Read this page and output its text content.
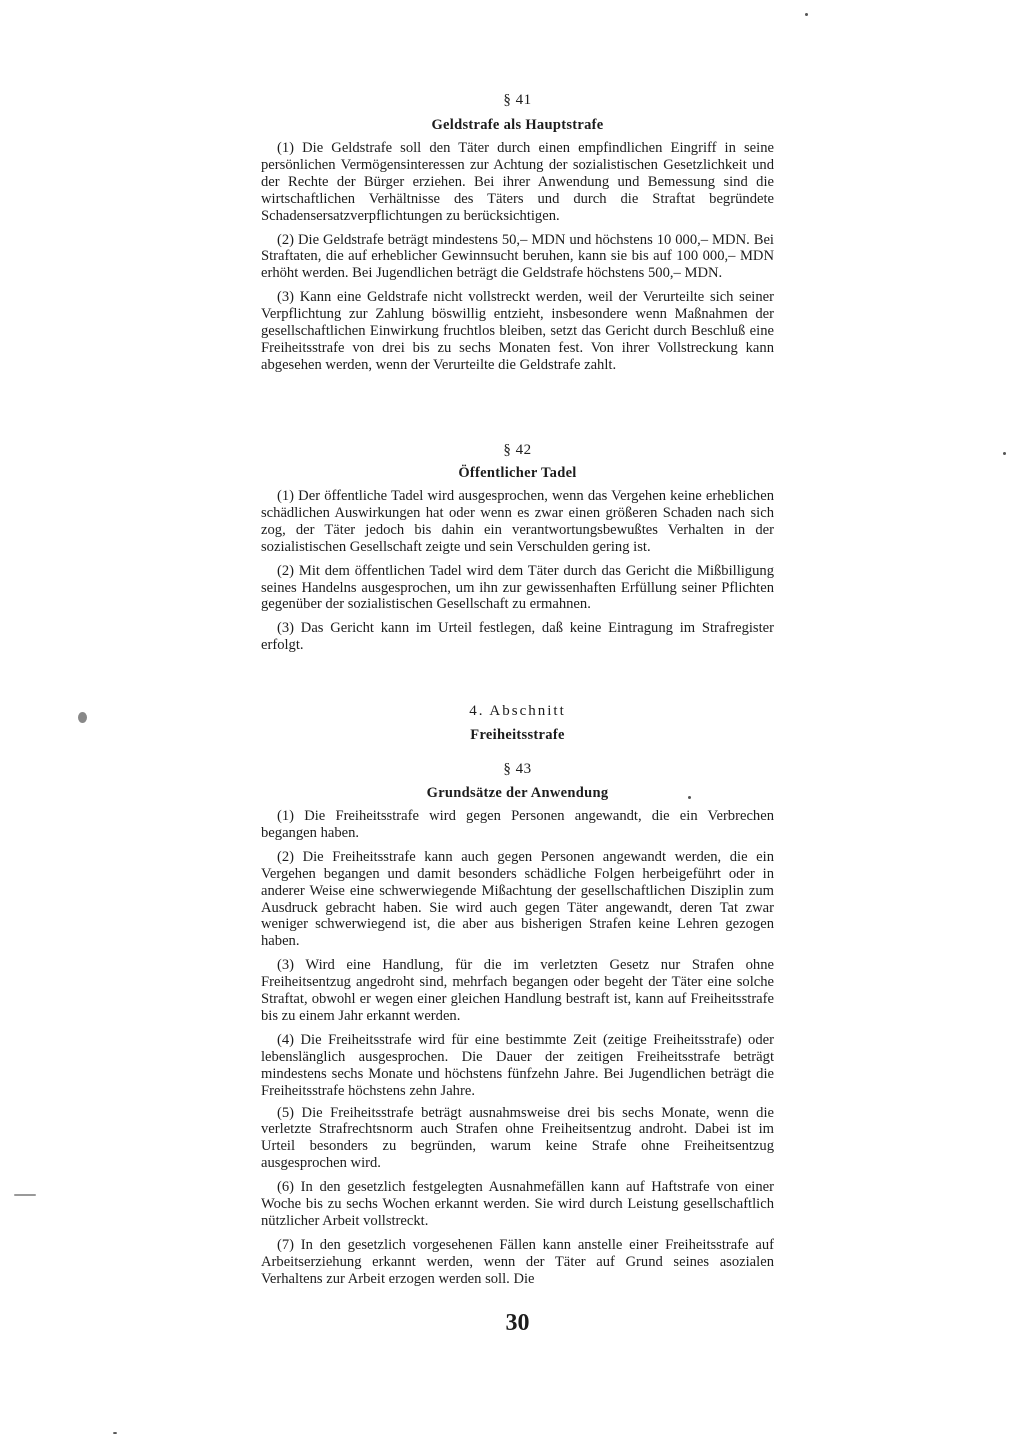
§ 41
Geldstrafe als Hauptstrafe

(1) Die Geldstrafe soll den Täter durch einen empfindlichen Eingriff in seine persönlichen Vermögensinteressen zur Achtung der sozialistischen Gesetzlichkeit und der Rechte der Bürger erziehen. Bei ihrer Anwendung und Bemessung sind die wirtschaftlichen Verhältnisse des Täters und durch die Straftat begründete Schadensersatzverpflichtungen zu berücksichtigen.

(2) Die Geldstrafe beträgt mindestens 50,– MDN und höchstens 10 000,– MDN. Bei Straftaten, die auf erheblicher Gewinnsucht beruhen, kann sie bis auf 100 000,– MDN erhöht werden. Bei Jugendlichen beträgt die Geldstrafe höchstens 500,– MDN.

(3) Kann eine Geldstrafe nicht vollstreckt werden, weil der Verurteilte sich seiner Verpflichtung zur Zahlung böswillig entzieht, insbesondere wenn Maßnahmen der gesellschaftlichen Einwirkung fruchtlos bleiben, setzt das Gericht durch Beschluß eine Freiheitsstrafe von drei bis zu sechs Monaten fest. Von ihrer Vollstreckung kann abgesehen werden, wenn der Verurteilte die Geldstrafe zahlt.

§ 42
Öffentlicher Tadel

(1) Der öffentliche Tadel wird ausgesprochen, wenn das Vergehen keine erheblichen schädlichen Auswirkungen hat oder wenn es zwar einen größeren Schaden nach sich zog, der Täter jedoch bis dahin ein verantwortungsbewußtes Verhalten in der sozialistischen Gesellschaft zeigte und sein Verschulden gering ist.

(2) Mit dem öffentlichen Tadel wird dem Täter durch das Gericht die Mißbilligung seines Handelns ausgesprochen, um ihn zur gewissenhaften Erfüllung seiner Pflichten gegenüber der sozialistischen Gesellschaft zu ermahnen.

(3) Das Gericht kann im Urteil festlegen, daß keine Eintragung im Strafregister erfolgt.

4. Abschnitt
Freiheitsstrafe
§ 43
Grundsätze der Anwendung

(1) Die Freiheitsstrafe wird gegen Personen angewandt, die ein Verbrechen begangen haben.

(2) Die Freiheitsstrafe kann auch gegen Personen angewandt werden, die ein Vergehen begangen und damit besonders schädliche Folgen herbeigeführt oder in anderer Weise eine schwerwiegende Mißachtung der gesellschaftlichen Disziplin zum Ausdruck gebracht haben. Sie wird auch gegen Täter angewandt, deren Tat zwar weniger schwerwiegend ist, die aber aus bisherigen Strafen keine Lehren gezogen haben.

(3) Wird eine Handlung, für die im verletzten Gesetz nur Strafen ohne Freiheitsentzug angedroht sind, mehrfach begangen oder begeht der Täter eine solche Straftat, obwohl er wegen einer gleichen Handlung bestraft ist, kann auf Freiheitsstrafe bis zu einem Jahr erkannt werden.

(4) Die Freiheitsstrafe wird für eine bestimmte Zeit (zeitige Freiheitsstrafe) oder lebenslänglich ausgesprochen. Die Dauer der zeitigen Freiheitsstrafe beträgt mindestens sechs Monate und höchstens fünfzehn Jahre. Bei Jugendlichen beträgt die Freiheitsstrafe höchstens zehn Jahre.

(5) Die Freiheitsstrafe beträgt ausnahmsweise drei bis sechs Monate, wenn die verletzte Strafrechtsnorm auch Strafen ohne Freiheitsentzug androht. Dabei ist im Urteil besonders zu begründen, warum keine Strafe ohne Freiheitsentzug ausgesprochen wird.

(6) In den gesetzlich festgelegten Ausnahmefällen kann auf Haftstrafe von einer Woche bis zu sechs Wochen erkannt werden. Sie wird durch Leistung gesellschaftlich nützlicher Arbeit vollstreckt.

(7) In den gesetzlich vorgesehenen Fällen kann anstelle einer Freiheitsstrafe auf Arbeitserziehung erkannt werden, wenn der Täter auf Grund seines asozialen Verhaltens zur Arbeit erzogen werden soll. Die

30
